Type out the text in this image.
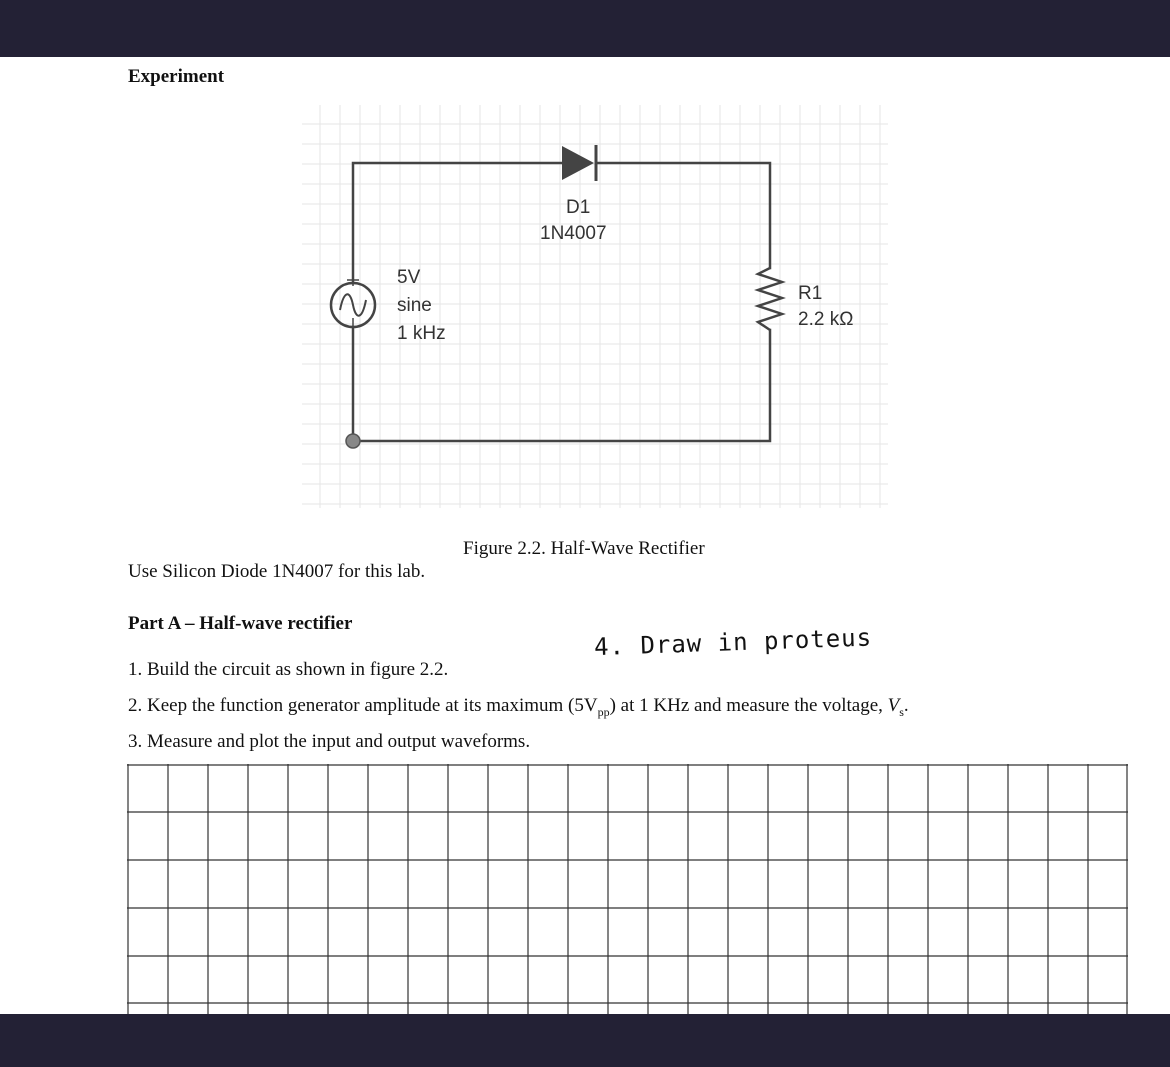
Experiment
D1
1N4007
5V
sine
1 kHz
R1
2.2 kΩ
Figure 2.2. Half-Wave Rectifier
Use Silicon Diode 1N4007 for this lab.
Part A – Half-wave rectifier	4. Draw in proteus
1. Build the circuit as shown in figure 2.2.
2. Keep the function generator amplitude at its maximum $(5V_{pp})$ at 1 KHz and measure the voltage, $V_s$.
3. Measure and plot the input and output waveforms.
